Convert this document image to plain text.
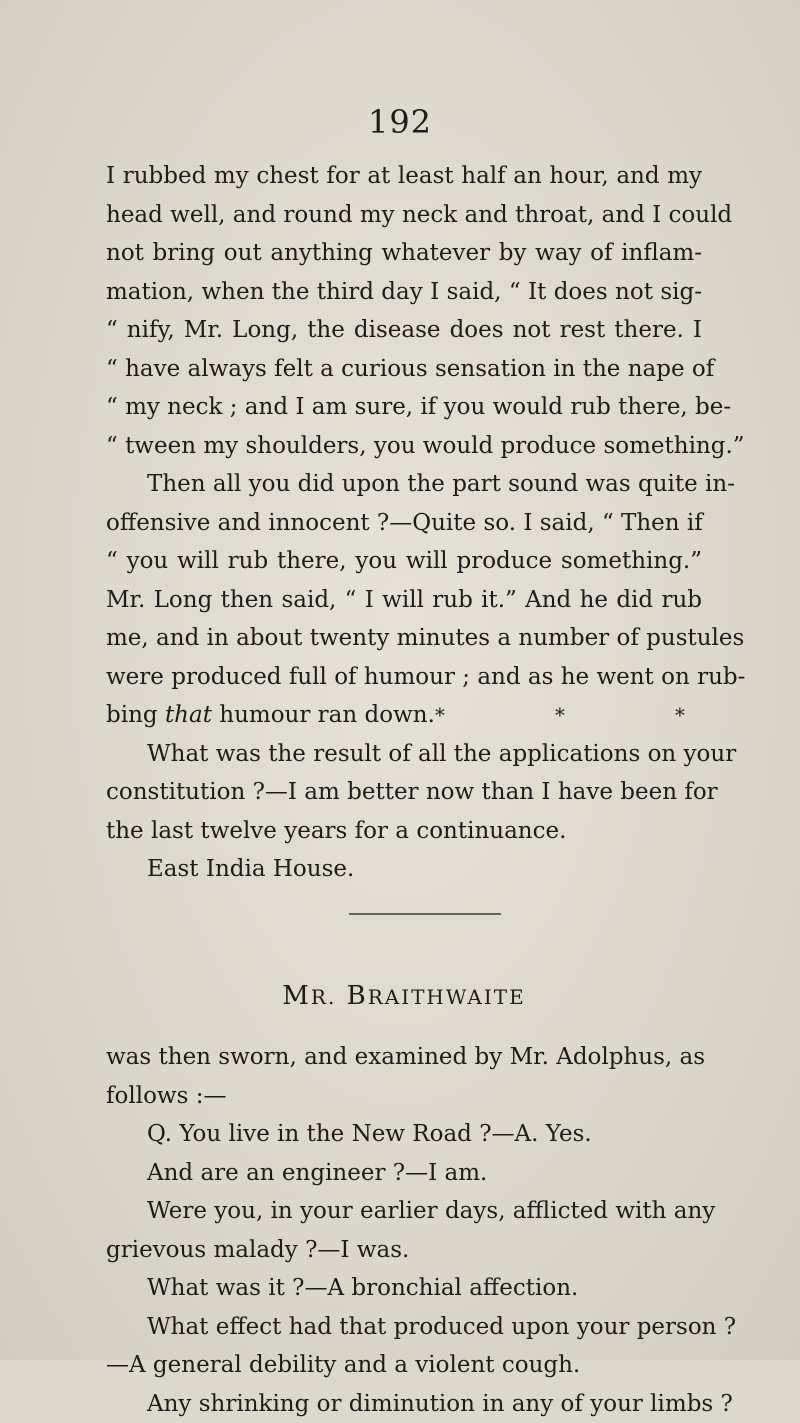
192
I rubbed my chest for at least half an hour, and my
head well, and round my neck and throat, and I could
not bring out anything whatever by way of inflam-
mation, when the third day I said, “ It does not sig-
“ nify, Mr. Long, the disease does not rest there. I
“ have always felt a curious sensation in the nape of
“ my neck ; and I am sure, if you would rub there, be-
“ tween my shoulders, you would produce something.”
Then all you did upon the part sound was quite in-
offensive and innocent ?—Quite so. I said, “ Then if
“ you will rub there, you will produce something.”
Mr. Long then said, “ I will rub it.” And he did rub
me, and in about twenty minutes a number of pustules
were produced full of humour ; and as he went on rub-
bing that humour ran down.*	*	*
What was the result of all the applications on your
constitution ?—I am better now than I have been for
the last twelve years for a continuance.
East India House.
MR. BRAITHWAITE
was then sworn, and examined by Mr. Adolphus, as
follows :—
Q. You live in the New Road ?—A. Yes.
And are an engineer ?—I am.
Were you, in your earlier days, afflicted with any
grievous malady ?—I was.
What was it ?—A bronchial affection.
What effect had that produced upon your person ?
—A general debility and a violent cough.
Any shrinking or diminution in any of your limbs ?
